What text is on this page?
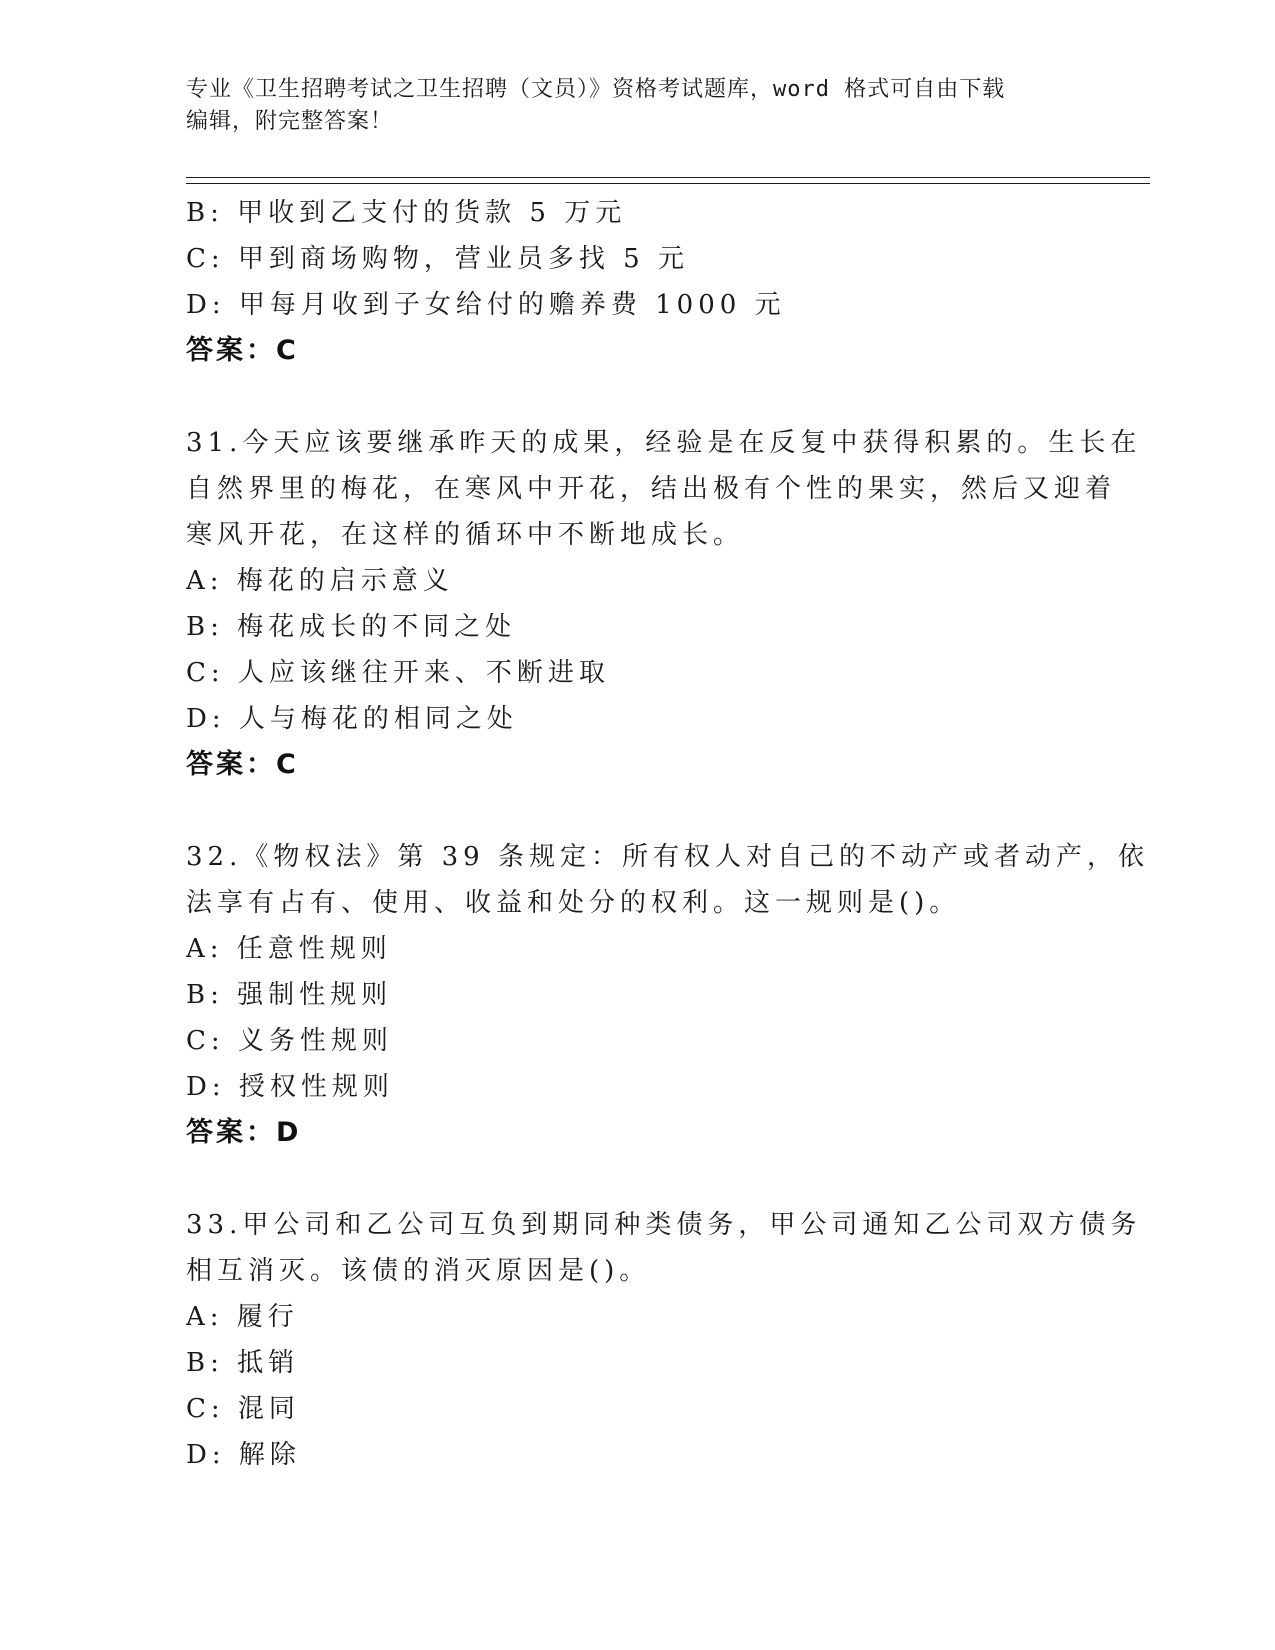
专业《卫生招聘考试之卫生招聘（文员）》资格考试题库，word 格式可自由下载
编辑，附完整答案！
B: 甲收到乙支付的货款 5 万元
C: 甲到商场购物，营业员多找 5 元
D: 甲每月收到子女给付的赡养费 1000 元
答案：C
31.今天应该要继承昨天的成果，经验是在反复中获得积累的。生长在
自然界里的梅花，在寒风中开花，结出极有个性的果实，然后又迎着
寒风开花，在这样的循环中不断地成长。
A: 梅花的启示意义
B: 梅花成长的不同之处
C: 人应该继往开来、不断进取
D: 人与梅花的相同之处
答案：C
32.《物权法》第 39 条规定：所有权人对自己的不动产或者动产，依
法享有占有、使用、收益和处分的权利。这一规则是()。
A: 任意性规则
B: 强制性规则
C: 义务性规则
D: 授权性规则
答案：D
33.甲公司和乙公司互负到期同种类债务，甲公司通知乙公司双方债务
相互消灭。该债的消灭原因是()。
A: 履行
B: 抵销
C: 混同
D: 解除
